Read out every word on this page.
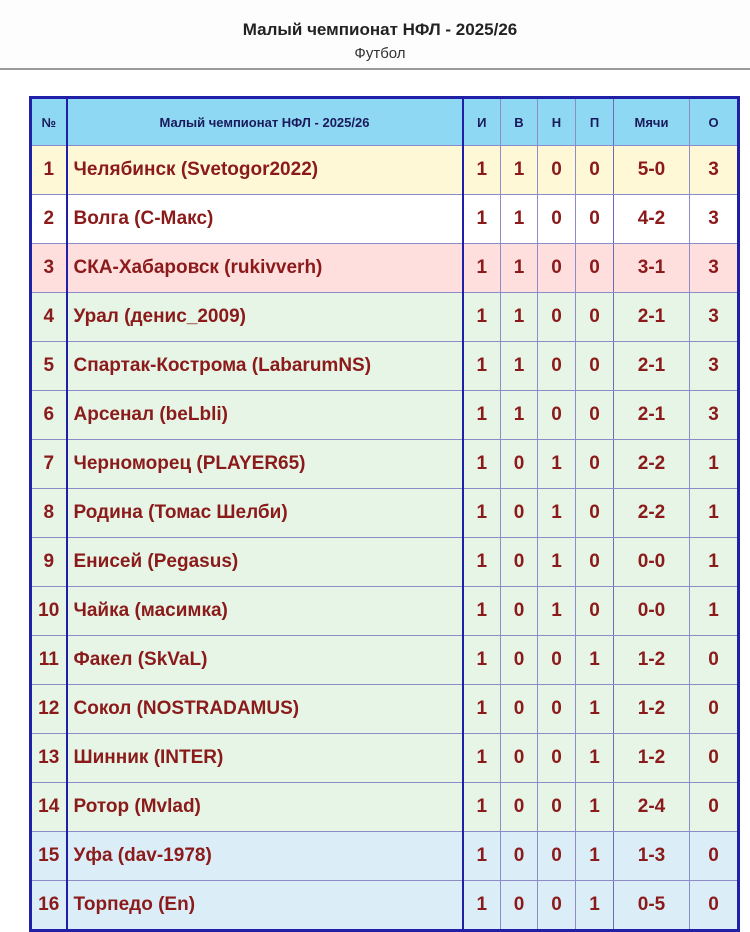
Малый чемпионат НФЛ - 2025/26
Футбол
№	Малый чемпионат НФЛ - 2025/26	И	В	Н	П	Мячи	О
1	Челябинск (Svetogor2022)	1	1	0	0	5-0	3
2	Волга (С-Макс)	1	1	0	0	4-2	3
3	СКА-Хабаровск (rukivverh)	1	1	0	0	3-1	3
4	Урал (денис_2009)	1	1	0	0	2-1	3
5	Спартак-Кострома (LabarumNS)	1	1	0	0	2-1	3
6	Арсенал (beLbli)	1	1	0	0	2-1	3
7	Черноморец (PLAYER65)	1	0	1	0	2-2	1
8	Родина (Томас Шелби)	1	0	1	0	2-2	1
9	Енисей (Pegasus)	1	0	1	0	0-0	1
10	Чайка (масимка)	1	0	1	0	0-0	1
11	Факел (SkVaL)	1	0	0	1	1-2	0
12	Сокол (NOSTRADAMUS)	1	0	0	1	1-2	0
13	Шинник (INTER)	1	0	0	1	1-2	0
14	Ротор (Mvlad)	1	0	0	1	2-4	0
15	Уфа (dav-1978)	1	0	0	1	1-3	0
16	Торпедо (En)	1	0	0	1	0-5	0
